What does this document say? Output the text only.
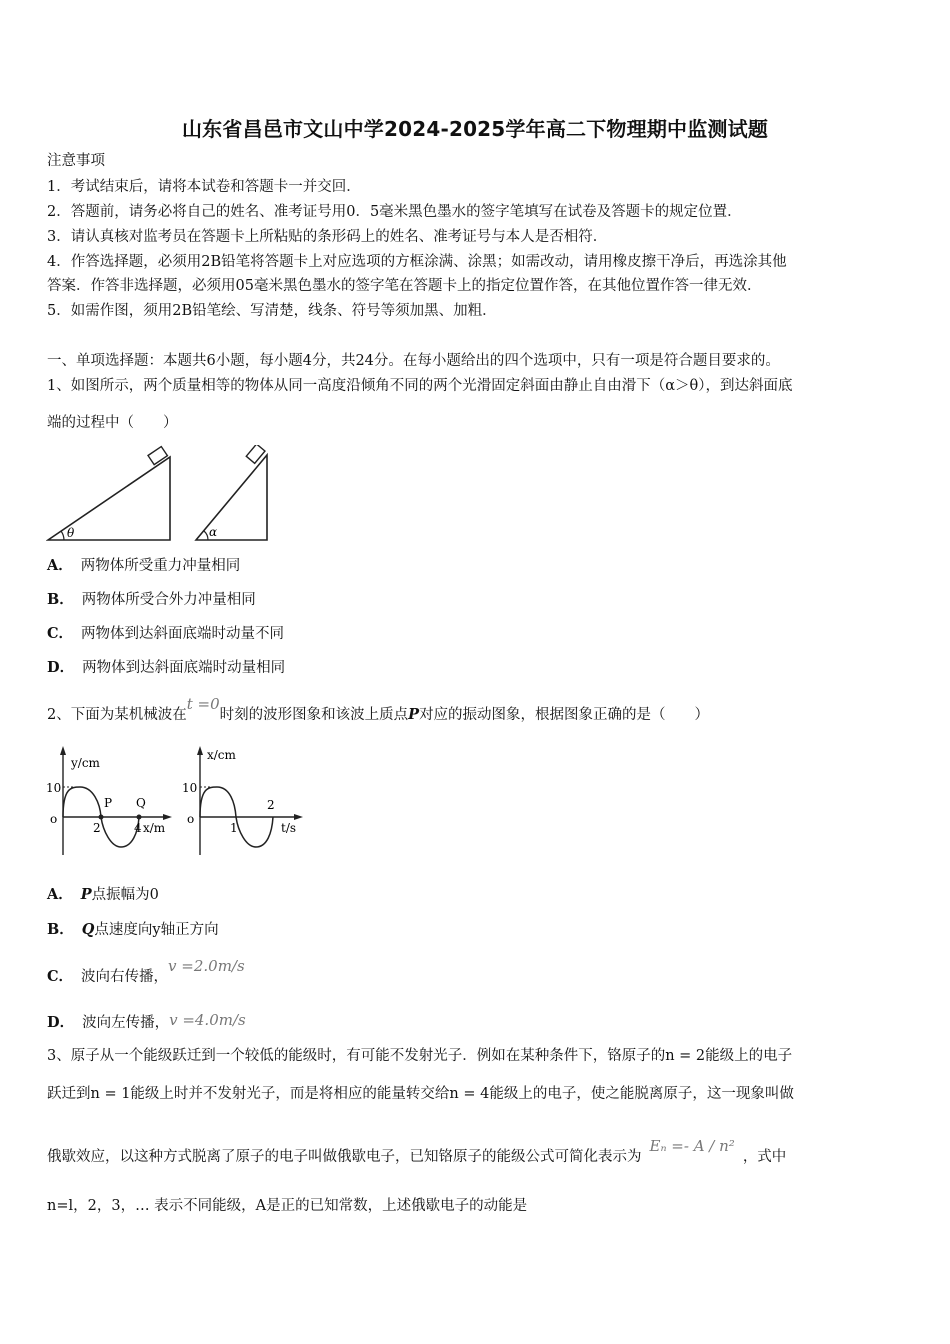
山东省昌邑市文山中学2024-2025学年高二下物理期中监测试题
注意事项
1．考试结束后，请将本试卷和答题卡一并交回．
2．答题前，请务必将自己的姓名、准考证号用0．5毫米黑色墨水的签字笔填写在试卷及答题卡的规定位置．
3．请认真核对监考员在答题卡上所粘贴的条形码上的姓名、准考证号与本人是否相符．
4．作答选择题，必须用2B铅笔将答题卡上对应选项的方框涂满、涂黑；如需改动，请用橡皮擦干净后，再选涂其他
答案．作答非选择题，必须用05毫米黑色墨水的签字笔在答题卡上的指定位置作答，在其他位置作答一律无效．
5．如需作图，须用2B铅笔绘、写清楚，线条、符号等须加黑、加粗．
一、单项选择题：本题共6小题，每小题4分，共24分。在每小题给出的四个选项中，只有一项是符合题目要求的。
1、如图所示，两个质量相等的物体从同一高度沿倾角不同的两个光滑固定斜面由静止自由滑下（α＞θ），到达斜面底
端的过程中（　　）
θ	α
A． 两物体所受重力冲量相同
B． 两物体所受合外力冲量相同
C． 两物体到达斜面底端时动量不同
D． 两物体到达斜面底端时动量相同
2、下面为某机械波在t =0时刻的波形图象和该波上质点P对应的振动图象，根据图象正确的是（　　）
y/cm
10
o
2
P Q
4 x/m
x/cm
10
o
1
2
t/s
A． P点振幅为0
B． Q点速度向y轴正方向
C． 波向右传播，v =2.0m/s
D． 波向左传播，v =4.0m/s
3、原子从一个能级跃迁到一个较低的能级时，有可能不发射光子．例如在某种条件下，铬原子的n = 2能级上的电子
跃迁到n = 1能级上时并不发射光子，而是将相应的能量转交给n = 4能级上的电子，使之能脱离原子，这一现象叫做
俄歇效应，以这种方式脱离了原子的电子叫做俄歇电子，已知铬原子的能级公式可简化表示为Eₙ =- A / n²，式中
n=l，2，3，… 表示不同能级，A是正的已知常数，上述俄歇电子的动能是
